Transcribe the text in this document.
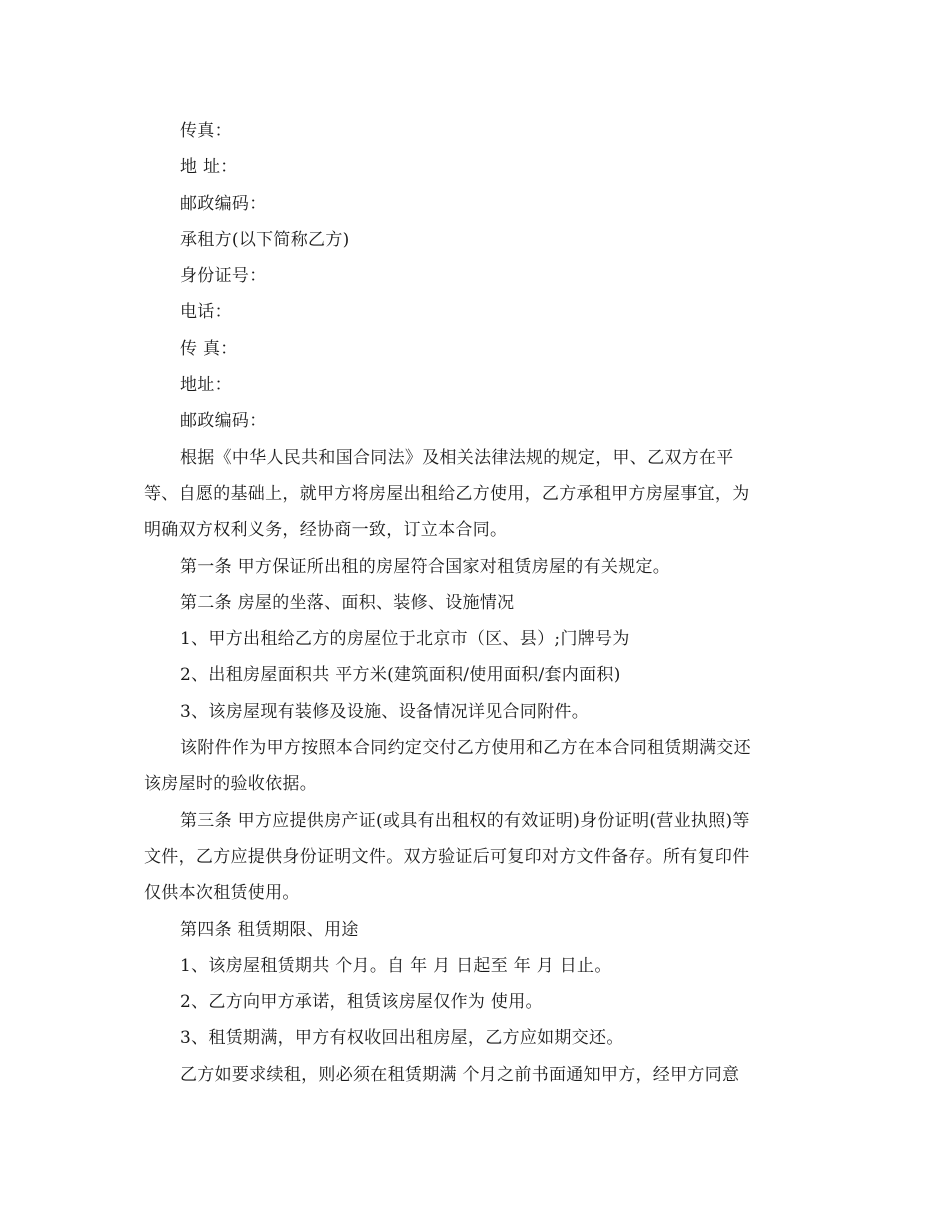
传真：
地 址：
邮政编码：
承租方(以下简称乙方)
身份证号：
电话：
传 真：
地址：
邮政编码：
根据《中华人民共和国合同法》及相关法律法规的规定，甲、乙双方在平
等、自愿的基础上，就甲方将房屋出租给乙方使用，乙方承租甲方房屋事宜，为
明确双方权利义务，经协商一致，订立本合同。
第一条 甲方保证所出租的房屋符合国家对租赁房屋的有关规定。
第二条 房屋的坐落、面积、装修、设施情况
1、甲方出租给乙方的房屋位于北京市（区、县）;门牌号为
2、出租房屋面积共 平方米(建筑面积/使用面积/套内面积)
3、该房屋现有装修及设施、设备情况详见合同附件。
该附件作为甲方按照本合同约定交付乙方使用和乙方在本合同租赁期满交还
该房屋时的验收依据。
第三条 甲方应提供房产证(或具有出租权的有效证明)身份证明(营业执照)等
文件，乙方应提供身份证明文件。双方验证后可复印对方文件备存。所有复印件
仅供本次租赁使用。
第四条 租赁期限、用途
1、该房屋租赁期共 个月。自 年 月 日起至 年 月 日止。
2、乙方向甲方承诺，租赁该房屋仅作为 使用。
3、租赁期满，甲方有权收回出租房屋，乙方应如期交还。
乙方如要求续租，则必须在租赁期满 个月之前书面通知甲方，经甲方同意
